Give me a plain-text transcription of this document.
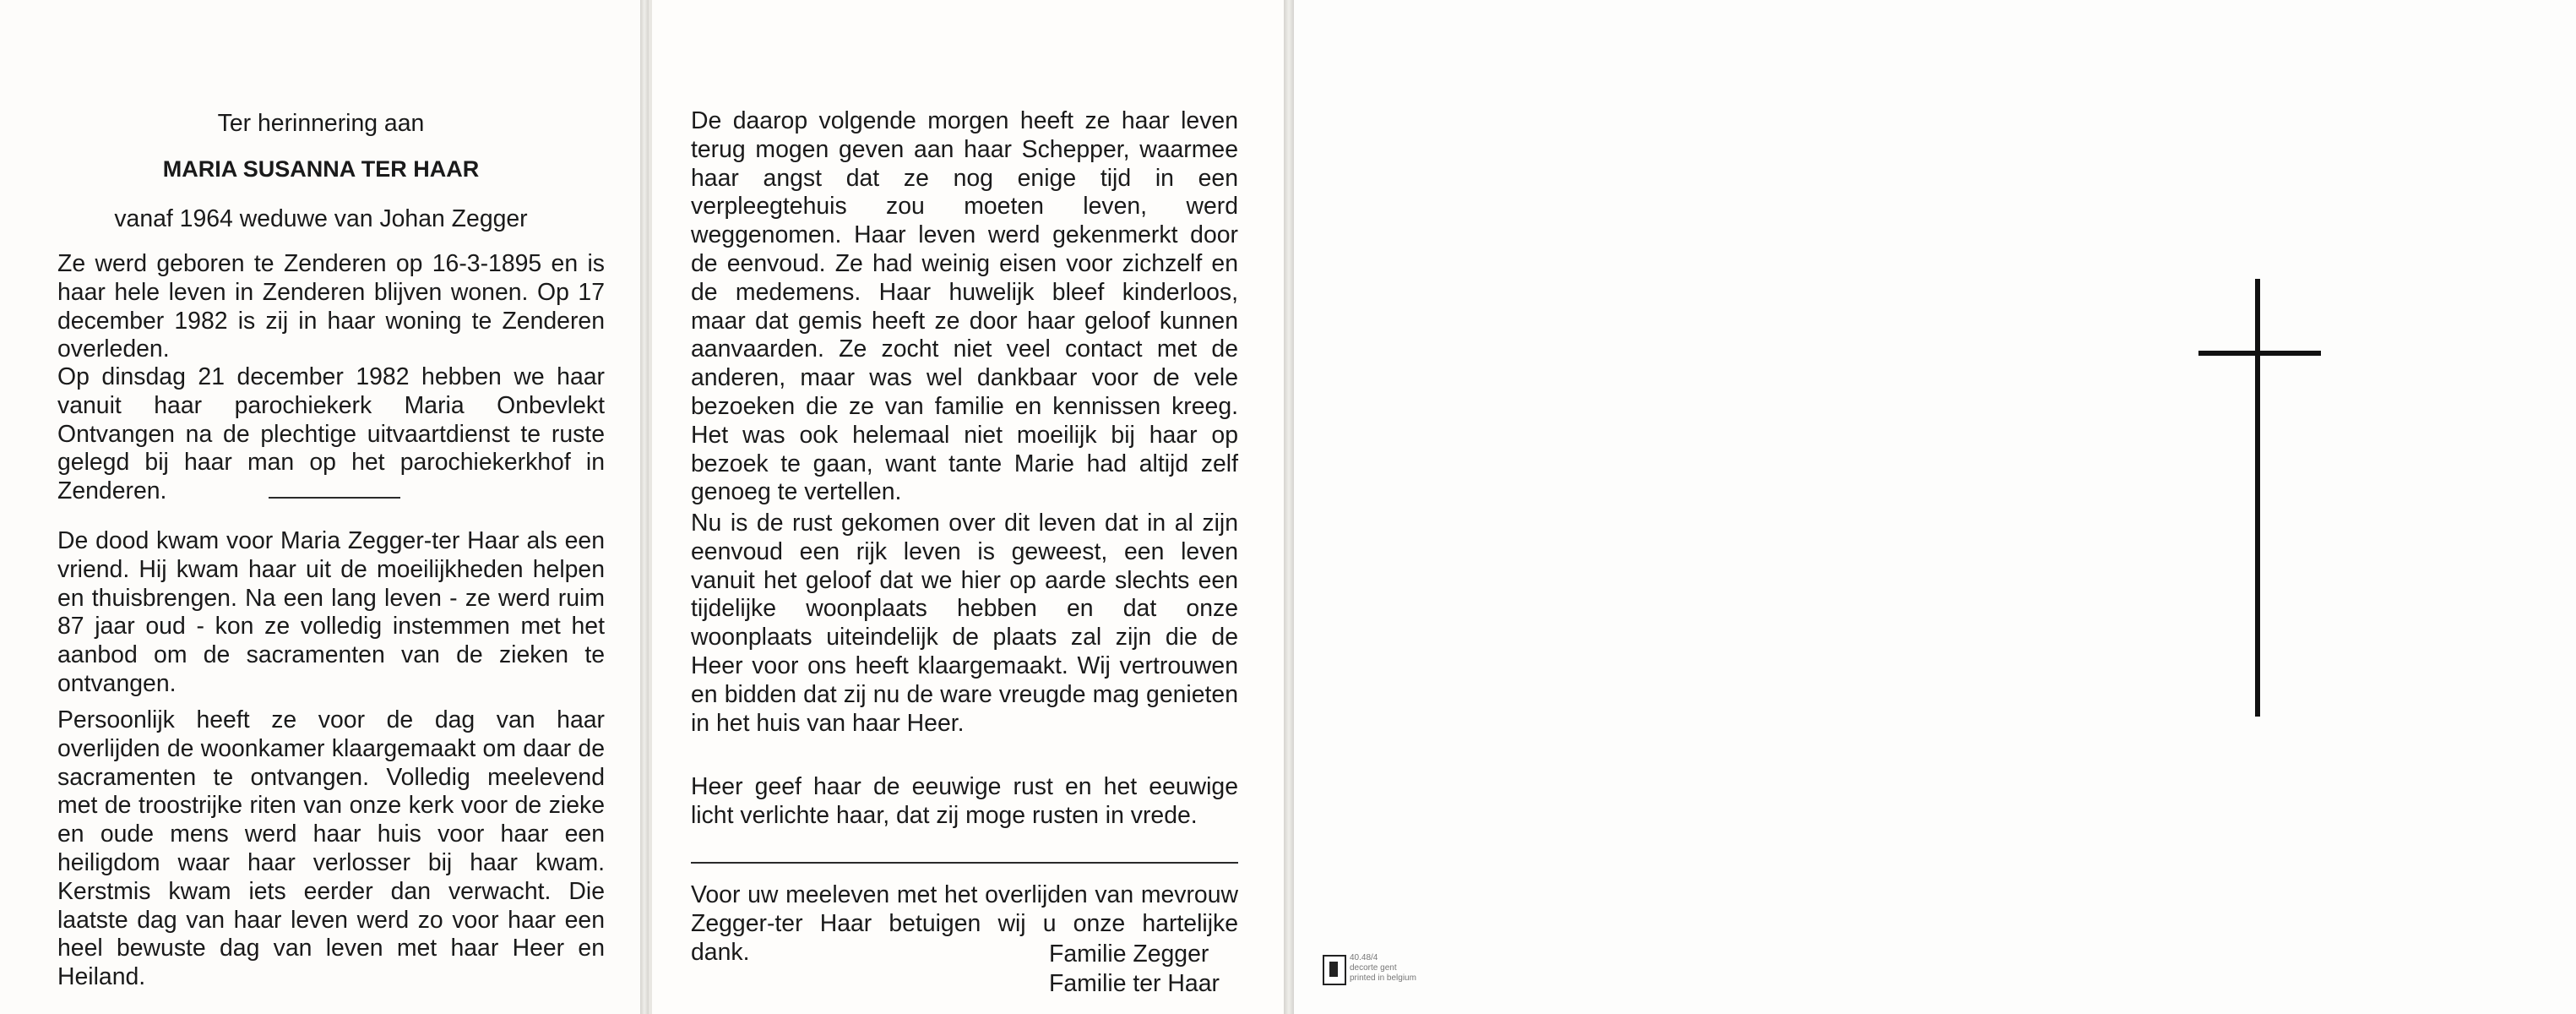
Ter herinnering aan
MARIA SUSANNA TER HAAR
vanaf 1964 weduwe van Johan Zegger
Ze werd geboren te Zenderen op 16-3-1895 en is haar hele leven in Zenderen blijven wonen. Op 17 december 1982 is zij in haar woning te Zenderen overleden.
Op dinsdag 21 december 1982 hebben we haar vanuit haar parochiekerk Maria Onbevlekt Ontvangen na de plechtige uitvaartdienst te ruste gelegd bij haar man op het parochiekerkhof in Zenderen.
De dood kwam voor Maria Zegger-ter Haar als een vriend. Hij kwam haar uit de moeilijkheden helpen en thuisbrengen. Na een lang leven - ze werd ruim 87 jaar oud - kon ze volledig instemmen met het aanbod om de sacramenten van de zieken te ontvangen.
Persoonlijk heeft ze voor de dag van haar overlijden de woonkamer klaargemaakt om daar de sacramenten te ontvangen. Volledig meelevend met de troostrijke riten van onze kerk voor de zieke en oude mens werd haar huis voor haar een heiligdom waar haar verlosser bij haar kwam. Kerstmis kwam iets eerder dan verwacht. Die laatste dag van haar leven werd zo voor haar een heel bewuste dag van leven met haar Heer en Heiland.
De daarop volgende morgen heeft ze haar leven terug mogen geven aan haar Schepper, waarmee haar angst dat ze nog enige tijd in een verpleegtehuis zou moeten leven, werd weggenomen. Haar leven werd gekenmerkt door de eenvoud. Ze had weinig eisen voor zichzelf en de medemens. Haar huwelijk bleef kinderloos, maar dat gemis heeft ze door haar geloof kunnen aanvaarden. Ze zocht niet veel contact met de anderen, maar was wel dankbaar voor de vele bezoeken die ze van familie en kennissen kreeg. Het was ook helemaal niet moeilijk bij haar op bezoek te gaan, want tante Marie had altijd zelf genoeg te vertellen.
Nu is de rust gekomen over dit leven dat in al zijn eenvoud een rijk leven is geweest, een leven vanuit het geloof dat we hier op aarde slechts een tijdelijke woonplaats hebben en dat onze woonplaats uiteindelijk de plaats zal zijn die de Heer voor ons heeft klaargemaakt. Wij vertrouwen en bidden dat zij nu de ware vreugde mag genieten in het huis van haar Heer.
Heer geef haar de eeuwige rust en het eeuwige licht verlichte haar, dat zij moge rusten in vrede.
Voor uw meeleven met het overlijden van mevrouw Zegger-ter Haar betuigen wij u onze hartelijke dank.	Familie Zegger
Familie ter Haar
40.48/4
decorte gent
printed in belgium
